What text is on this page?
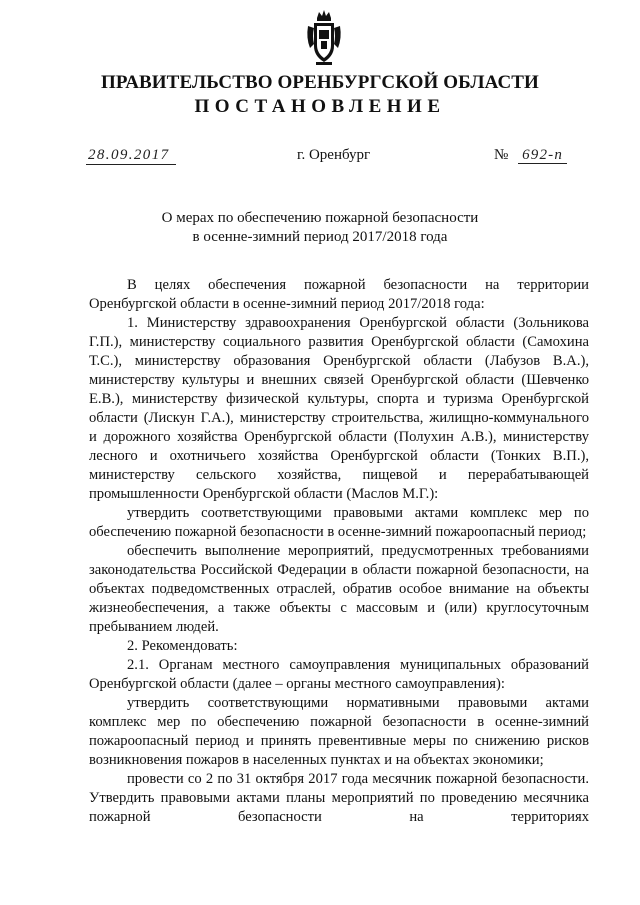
ПРАВИТЕЛЬСТВО ОРЕНБУРГСКОЙ ОБЛАСТИ
ПОСТАНОВЛЕНИЕ
28.09.2017	г. Оренбург	№ 692-п
О мерах по обеспечению пожарной безопасности
в осенне-зимний период 2017/2018 года

В целях обеспечения пожарной безопасности на территории Оренбургской области в осенне-зимний период 2017/2018 года:

1. Министерству здравоохранения Оренбургской области (Зольникова Г.П.), министерству социального развития Оренбургской области (Самохина Т.С.), министерству образования Оренбургской области (Лабузов В.А.), министерству культуры и внешних связей Оренбургской области (Шевченко Е.В.), министерству физической культуры, спорта и туризма Оренбургской области (Лискун Г.А.), министерству строительства, жилищно-коммунального и дорожного хозяйства Оренбургской области (Полухин А.В.), министерству лесного и охотничьего хозяйства Оренбургской области (Тонких В.П.), министерству сельского хозяйства, пищевой и перерабатывающей промышленности Оренбургской области (Маслов М.Г.):

утвердить соответствующими правовыми актами комплекс мер по обеспечению пожарной безопасности в осенне-зимний пожароопасный период;

обеспечить выполнение мероприятий, предусмотренных требованиями законодательства Российской Федерации в области пожарной безопасности, на объектах подведомственных отраслей, обратив особое внимание на объекты жизнеобеспечения, а также объекты с массовым и (или) круглосуточным пребыванием людей.

2. Рекомендовать:

2.1. Органам местного самоуправления муниципальных образований Оренбургской области (далее – органы местного самоуправления):

утвердить соответствующими нормативными правовыми актами комплекс мер по обеспечению пожарной безопасности в осенне-зимний пожароопасный период и принять превентивные меры по снижению рисков возникновения пожаров в населенных пунктах и на объектах экономики;

провести со 2 по 31 октября 2017 года месячник пожарной безопасности. Утвердить правовыми актами планы мероприятий по проведению месячника пожарной безопасности на территориях
